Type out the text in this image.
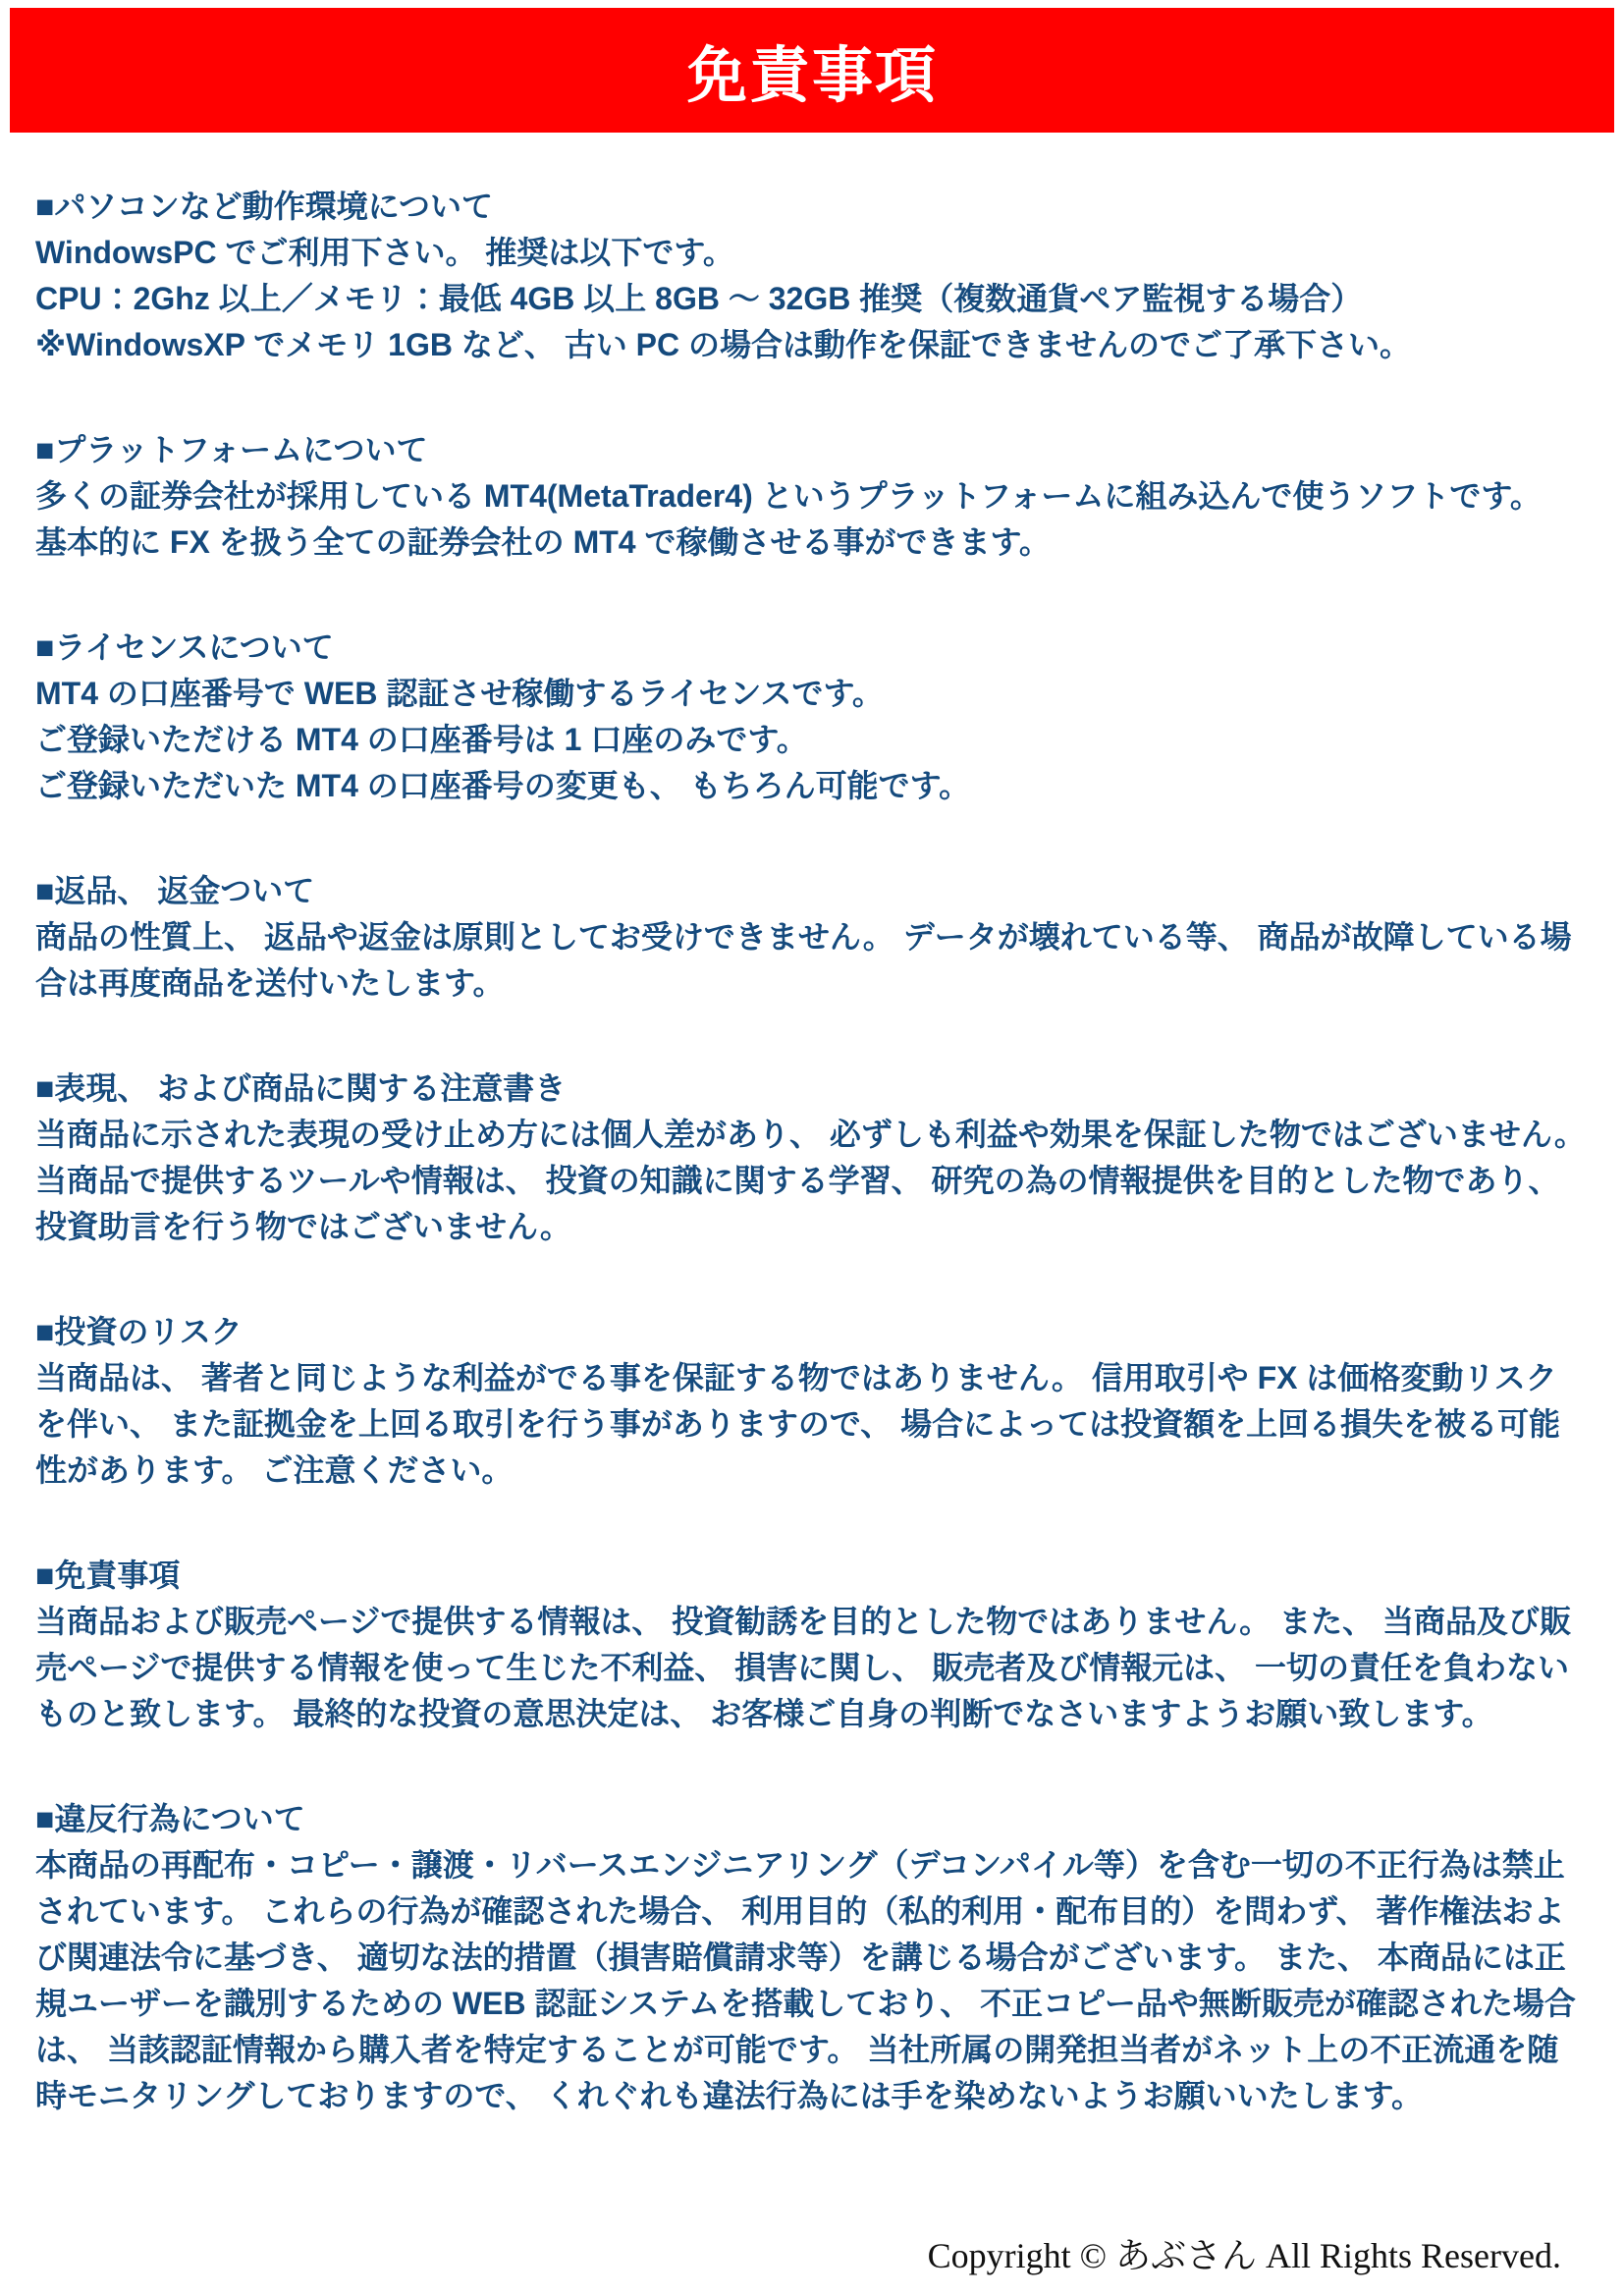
免責事項
■パソコンなど動作環境について

WindowsPC でご利用下さい。 推奨は以下です。

CPU：2Ghz 以上／メモリ：最低 4GB 以上 8GB ～ 32GB 推奨（複数通貨ペア監視する場合）

※WindowsXP でメモリ 1GB など、 古い PC の場合は動作を保証できませんのでご了承下さい。

■プラットフォームについて

多くの証券会社が採用している MT4(MetaTrader4) というプラットフォームに組み込んで使うソフトです。

基本的に FX を扱う全ての証券会社の MT4 で稼働させる事ができます。

■ライセンスについて

MT4 の口座番号で WEB 認証させ稼働するライセンスです。

ご登録いただける MT4 の口座番号は 1 口座のみです。

ご登録いただいた MT4 の口座番号の変更も、 もちろん可能です。

■返品、 返金ついて

商品の性質上、 返品や返金は原則としてお受けできません。 データが壊れている等、 商品が故障している場合は再度商品を送付いたします。

■表現、 および商品に関する注意書き

当商品に示された表現の受け止め方には個人差があり、 必ずしも利益や効果を保証した物ではございません。

当商品で提供するツールや情報は、 投資の知識に関する学習、 研究の為の情報提供を目的とした物であり、 投資助言を行う物ではございません。

■投資のリスク

当商品は、 著者と同じような利益がでる事を保証する物ではありません。 信用取引や FX は価格変動リスクを伴い、 また証拠金を上回る取引を行う事がありますので、 場合によっては投資額を上回る損失を被る可能性があります。 ご注意ください。

■免責事項

当商品および販売ページで提供する情報は、 投資勧誘を目的とした物ではありません。 また、 当商品及び販売ページで提供する情報を使って生じた不利益、 損害に関し、 販売者及び情報元は、 一切の責任を負わないものと致します。 最終的な投資の意思決定は、 お客様ご自身の判断でなさいますようお願い致します。

■違反行為について

本商品の再配布・コピー・譲渡・リバースエンジニアリング（デコンパイル等）を含む一切の不正行為は禁止されています。 これらの行為が確認された場合、 利用目的（私的利用・配布目的）を問わず、 著作権法および関連法令に基づき、 適切な法的措置（損害賠償請求等）を講じる場合がございます。 また、 本商品には正規ユーザーを識別するための WEB 認証システムを搭載しており、 不正コピー品や無断販売が確認された場合は、 当該認証情報から購入者を特定することが可能です。 当社所属の開発担当者がネット上の不正流通を随時モニタリングしておりますので、 くれぐれも違法行為には手を染めないようお願いいたします。

Copyright © あぶさん All Rights Reserved.
